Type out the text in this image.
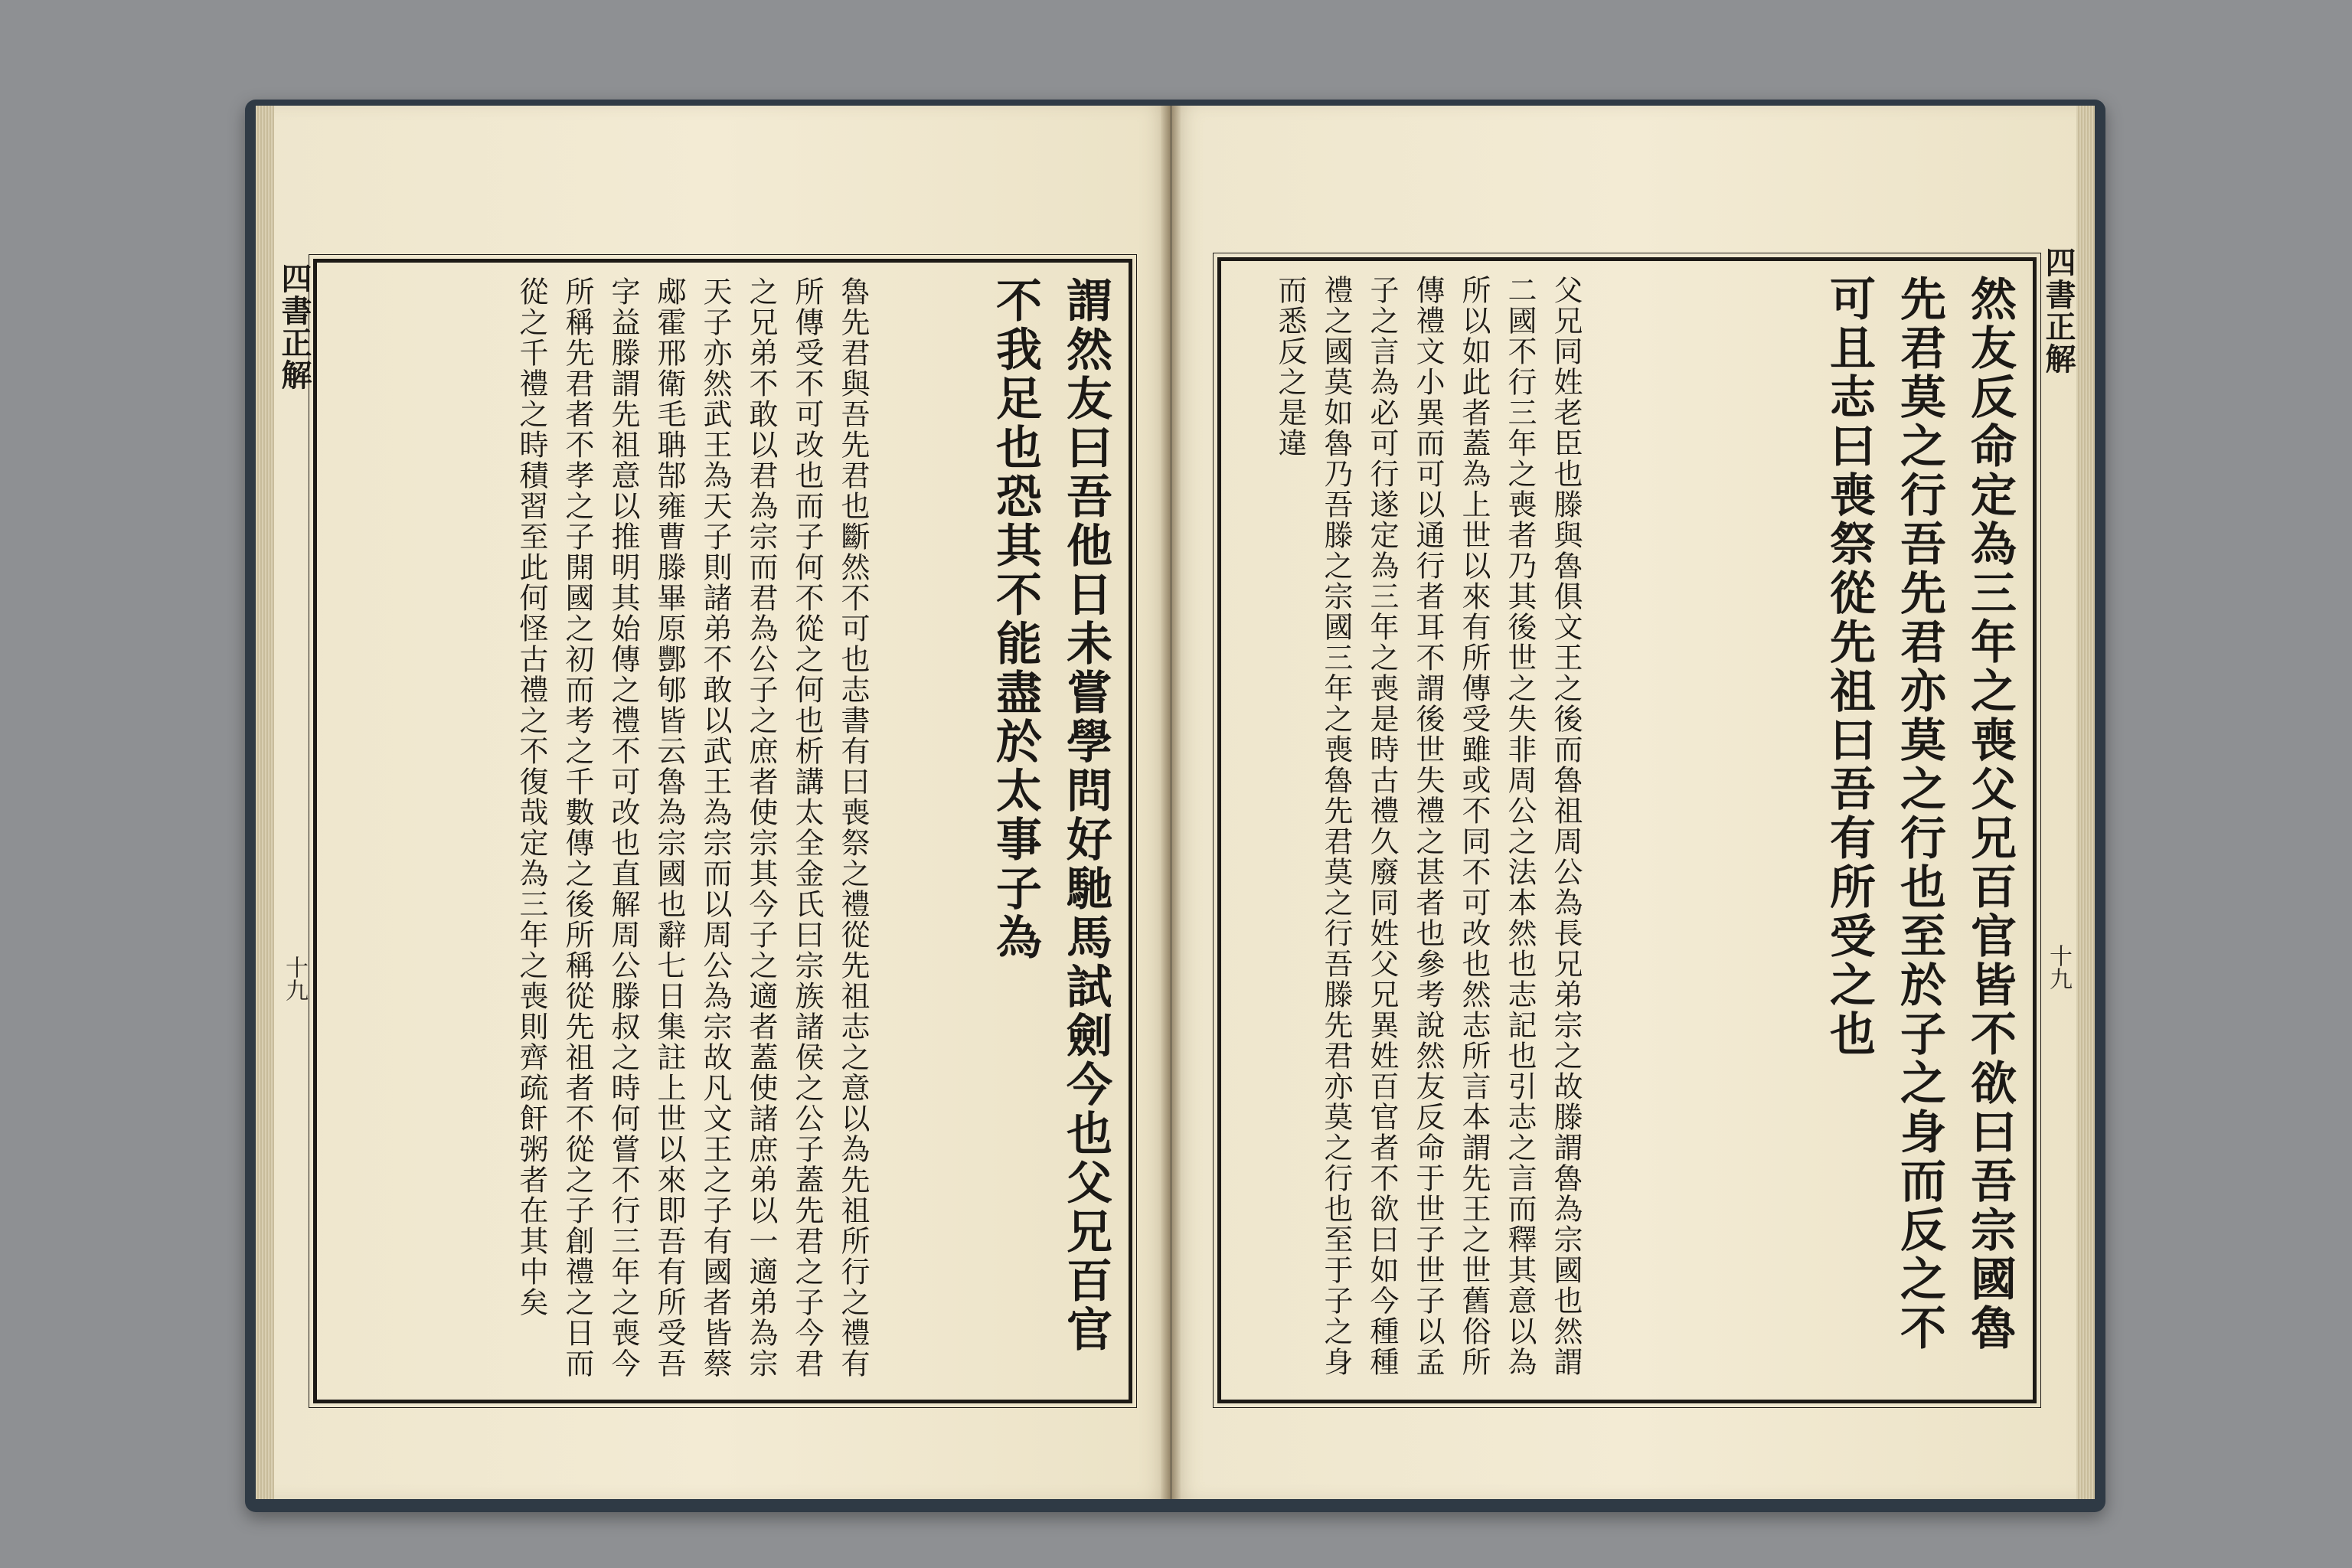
四書正解
十九	謂然友曰吾他日未嘗學問好馳馬試劍今也父兄百官不我足也恐其不能盡於太事子為
魯先君與吾先君也斷然不可也志書有曰喪祭之禮從先祖志之意以為先祖所行之禮有所傳受不可改也而子何不從之何也析講太全金氏曰宗族諸侯之公子蓋先君之子今君之兄弟不敢以君為宗而君為公子之庶者使宗其今子之適者蓋使諸庶弟以一適弟為宗天子亦然武王為天子則諸弟不敢以武王為宗而以周公為宗故凡文王之子有國者皆蔡郕霍邢衛毛聃郜雍曹滕畢原酆郇皆云魯為宗國也辭七日集註上世以來即吾有所受吾字益滕謂先祖意以推明其始傳之禮不可改也直解周公滕叔之時何嘗不行三年之喪今所稱先君者不孝之子開國之初而考之千數傳之後所稱從先祖者不從之子創禮之日而從之千禮之時積習至此何怪古禮之不復哉定為三年之喪則齊疏飦粥者在其中矣	然友反命定為三年之喪父兄百官皆不欲曰吾宗國魯先君莫之行吾先君亦莫之行也至於子之身而反之不可且志曰喪祭從先祖曰吾有所受之也
父兄同姓老臣也滕與魯俱文王之後而魯祖周公為長兄弟宗之故滕謂魯為宗國也然謂二國不行三年之喪者乃其後世之失非周公之法本然也志記也引志之言而釋其意以為所以如此者蓋為上世以來有所傳受雖或不同不可改也然志所言本謂先王之世舊俗所傳禮文小異而可以通行者耳不謂後世失禮之甚者也參考說然友反命于世子世子以孟子之言為必可行遂定為三年之喪是時古禮久廢同姓父兄異姓百官者不欲曰如今種種禮之國莫如魯乃吾滕之宗國三年之喪魯先君莫之行吾滕先君亦莫之行也至于子之身而悉反之是違	四書正解
十九
